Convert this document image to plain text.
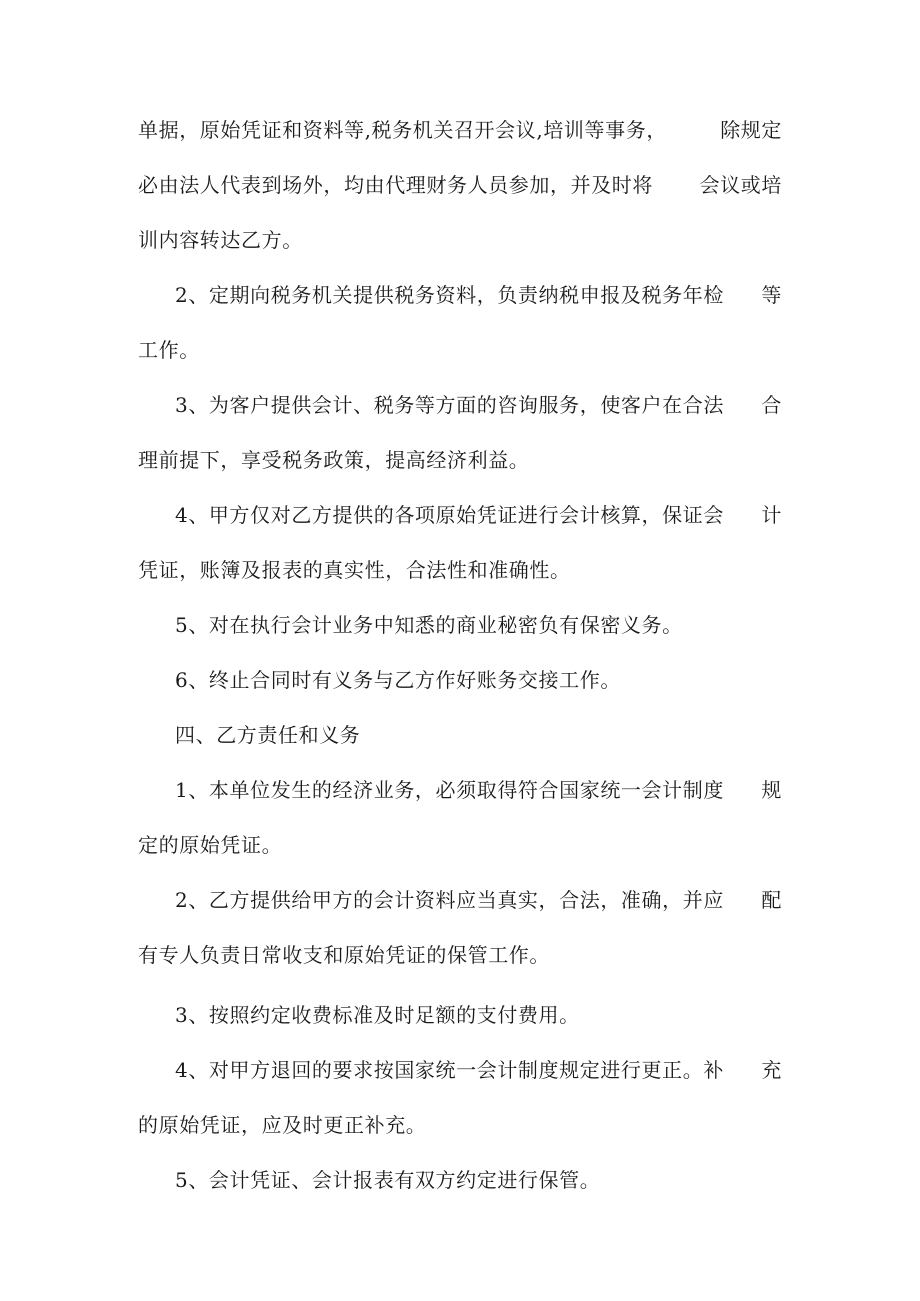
单据，原始凭证和资料等,税务机关召开会议,培训等事务，	除规定
必由法人代表到场外，均由代理财务人员参加，并及时将 会议或培
训内容转达乙方。
2、定期向税务机关提供税务资料，负责纳税申报及税务年检 等
工作。
3、为客户提供会计、税务等方面的咨询服务，使客户在合法 合
理前提下，享受税务政策，提高经济利益。
4、甲方仅对乙方提供的各项原始凭证进行会计核算，保证会 计
凭证，账簿及报表的真实性，合法性和准确性。
5、对在执行会计业务中知悉的商业秘密负有保密义务。
6、终止合同时有义务与乙方作好账务交接工作。
四、乙方责任和义务
1、本单位发生的经济业务，必须取得符合国家统一会计制度 规
定的原始凭证。
2、乙方提供给甲方的会计资料应当真实，合法，准确，并应 配
有专人负责日常收支和原始凭证的保管工作。
3、按照约定收费标准及时足额的支付费用。
4、对甲方退回的要求按国家统一会计制度规定进行更正。补 充
的原始凭证，应及时更正补充。
5、会计凭证、会计报表有双方约定进行保管。
